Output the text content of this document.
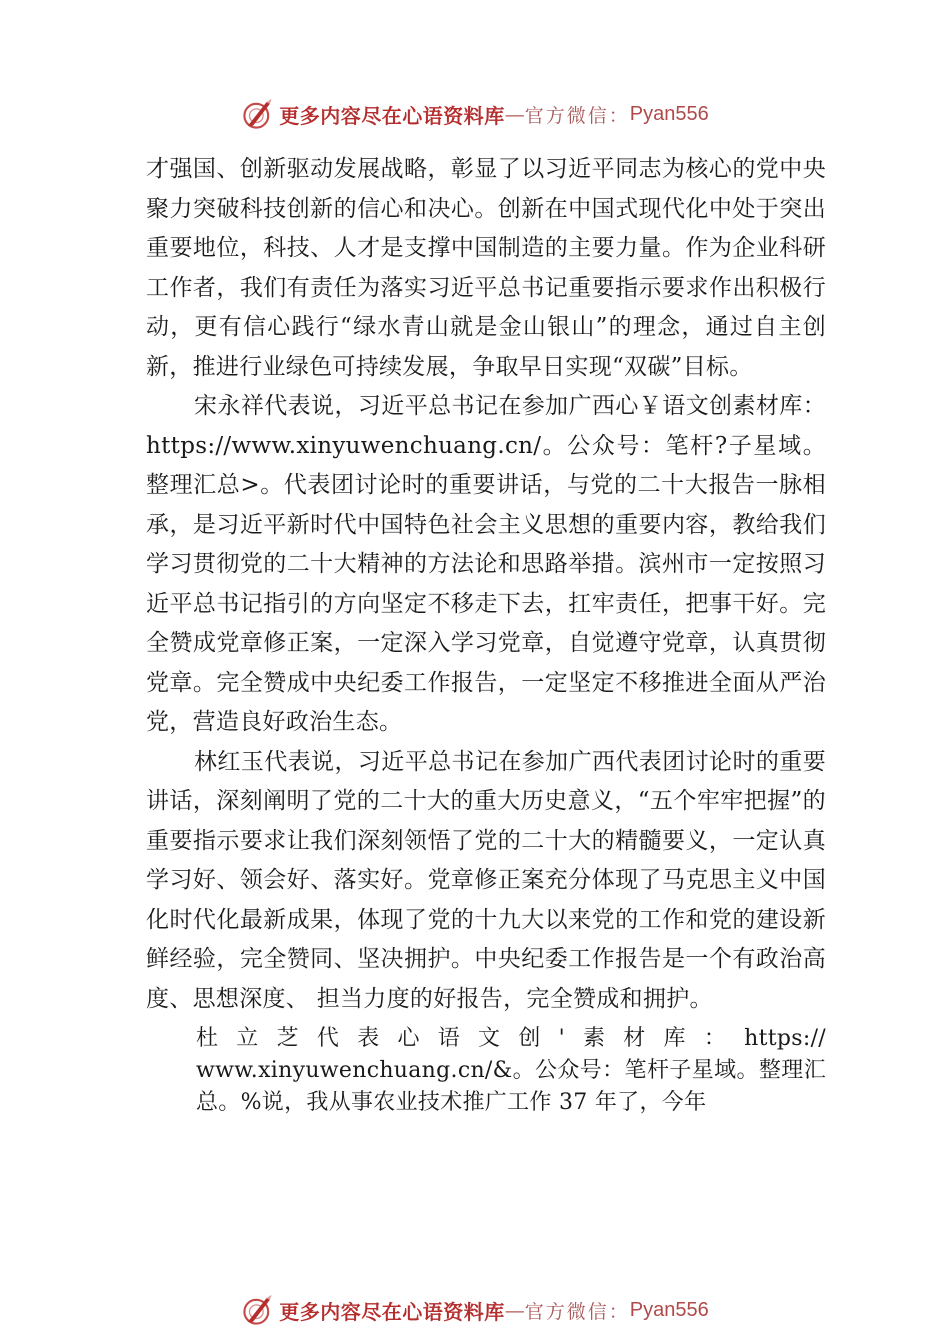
更多内容尽在心语资料库 — 官方微信： Pyan556

才强国、创新驱动发展战略，彰显了以习近平同志为核心的党中央聚力突破科技创新的信心和决心。创新在中国式现代化中处于突出重要地位，科技、人才是支撑中国制造的主要力量。作为企业科研工作者，我们有责任为落实习近平总书记重要指示要求作出积极行动，更有信心践行“绿水青山就是金山银山”的理念，通过自主创新，推进行业绿色可持续发展，争取早日实现“双碳”目标。

宋永祥代表说，习近平总书记在参加广西心￥语文创素材库：https://www.xinyuwenchuang.cn/。公众号：笔杆?子星域。整理汇总>。代表团讨论时的重要讲话，与党的二十大报告一脉相承，是习近平新时代中国特色社会主义思想的重要内容，教给我们学习贯彻党的二十大精神的方法论和思路举措。滨州市一定按照习近平总书记指引的方向坚定不移走下去，扛牢责任，把事干好。完全赞成党章修正案，一定深入学习党章，自觉遵守党章，认真贯彻党章。完全赞成中央纪委工作报告，一定坚定不移推进全面从严治党，营造良好政治生态。

林红玉代表说，习近平总书记在参加广西代表团讨论时的重要讲话，深刻阐明了党的二十大的重大历史意义，“五个牢牢把握”的重要指示要求让我们深刻领悟了党的二十大的精髓要义，一定认真学习好、领会好、落实好。党章修正案充分体现了马克思主义中国化时代化最新成果，体现了党的十九大以来党的工作和党的建设新鲜经验，完全赞同、坚决拥护。中央纪委工作报告是一个有政治高度、思想深度、 担当力度的好报告，完全赞成和拥护。

杜立芝代表心语文创'素材库：https:// www.xinyuwenchuang.cn/&。公众号：笔杆子星域。整理汇总。%说，我从事农业技术推广工作 37 年了，今年

更多内容尽在心语资料库 — 官方微信： Pyan556
